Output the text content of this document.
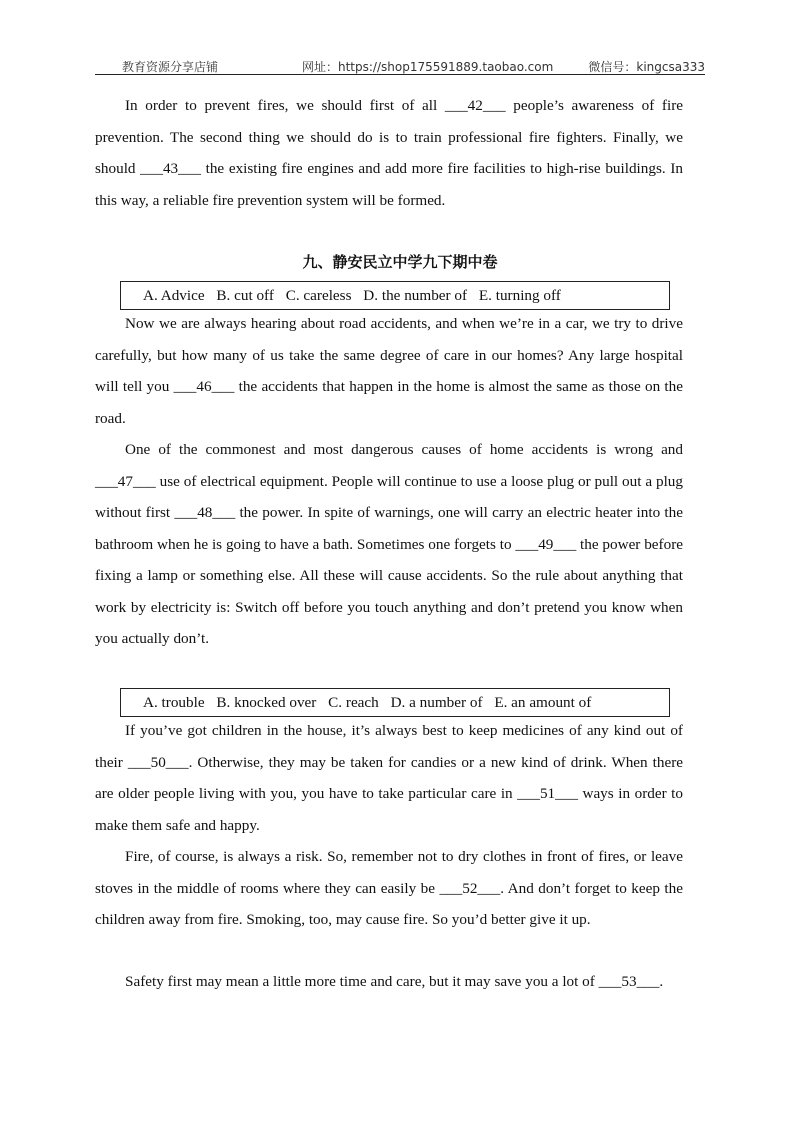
教育资源分享店铺	网址：https://shop175591889.taobao.com	微信号：kingcsa333

In order to prevent fires, we should first of all ___42___ people’s awareness of fire prevention. The second thing we should do is to train professional fire fighters. Finally, we should ___43___ the existing fire engines and add more fire facilities to high-rise buildings. In this way, a reliable fire prevention system will be formed.

九、静安民立中学九下期中卷
A. Advice B. cut off C. careless D. the number of E. turning off

Now we are always hearing about road accidents, and when we’re in a car, we try to drive carefully, but how many of us take the same degree of care in our homes? Any large hospital will tell you ___46___ the accidents that happen in the home is almost the same as those on the road.

One of the commonest and most dangerous causes of home accidents is wrong and ___47___ use of electrical equipment. People will continue to use a loose plug or pull out a plug without first ___48___ the power. In spite of warnings, one will carry an electric heater into the bathroom when he is going to have a bath. Sometimes one forgets to ___49___ the power before fixing a lamp or something else. All these will cause accidents. So the rule about anything that work by electricity is: Switch off before you touch anything and don’t pretend you know when you actually don’t.

A. trouble B. knocked over C. reach D. a number of E. an amount of

If you’ve got children in the house, it’s always best to keep medicines of any kind out of their ___50___. Otherwise, they may be taken for candies or a new kind of drink. When there are older people living with you, you have to take particular care in ___51___ ways in order to make them safe and happy.

Fire, of course, is always a risk. So, remember not to dry clothes in front of fires, or leave stoves in the middle of rooms where they can easily be ___52___. And don’t forget to keep the children away from fire. Smoking, too, may cause fire. So you’d better give it up.

Safety first may mean a little more time and care, but it may save you a lot of ___53___.
